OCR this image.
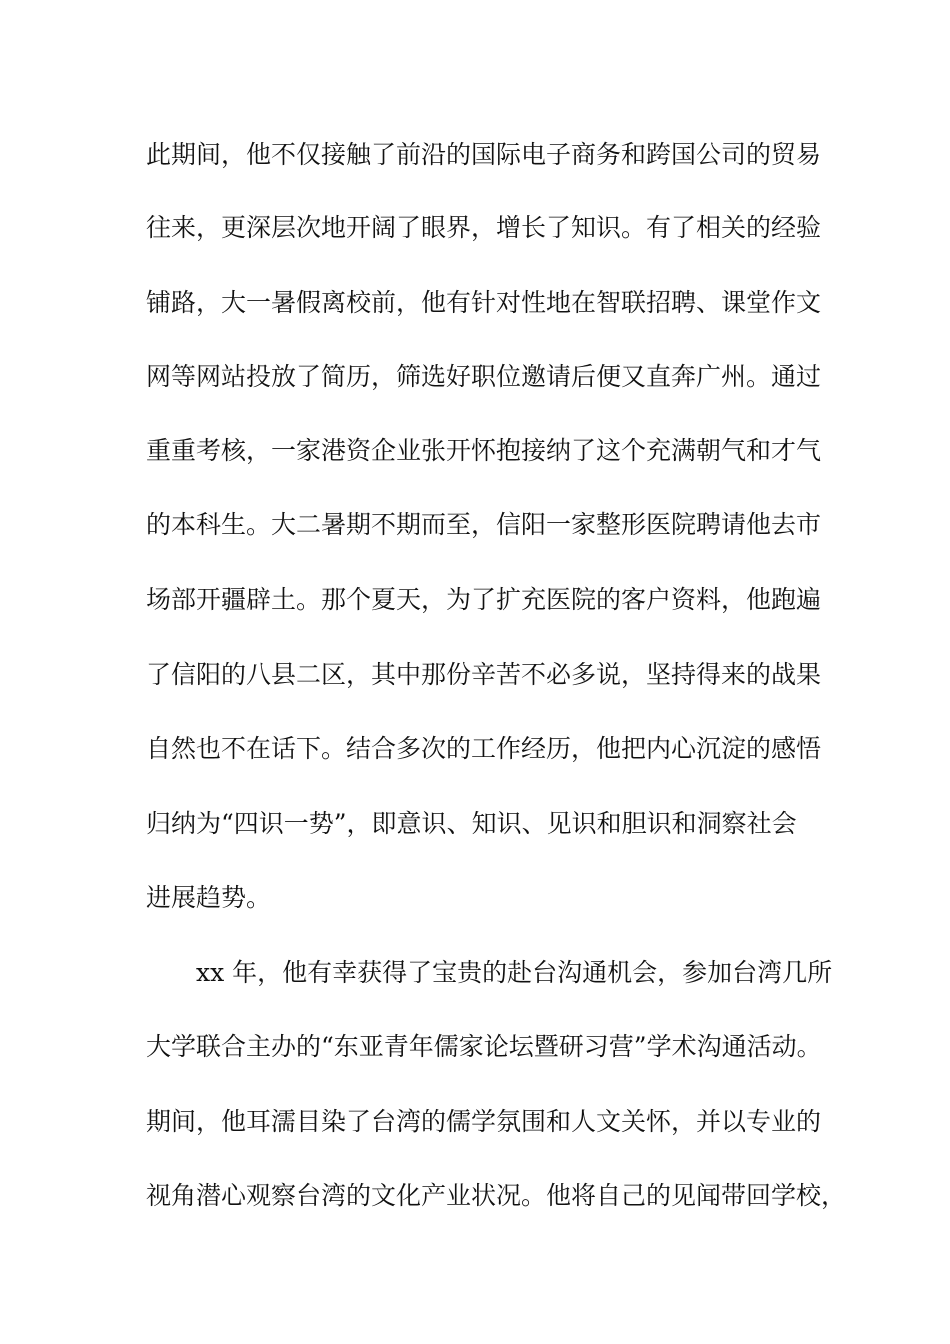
此期间，他不仅接触了前沿的国际电子商务和跨国公司的贸易
往来，更深层次地开阔了眼界，增长了知识。有了相关的经验
铺路，大一暑假离校前，他有针对性地在智联招聘、课堂作文
网等网站投放了简历，筛选好职位邀请后便又直奔广州。通过
重重考核，一家港资企业张开怀抱接纳了这个充满朝气和才气
的本科生。大二暑期不期而至，信阳一家整形医院聘请他去市
场部开疆辟土。那个夏天，为了扩充医院的客户资料，他跑遍
了信阳的八县二区，其中那份辛苦不必多说，坚持得来的战果
自然也不在话下。结合多次的工作经历，他把内心沉淀的感悟
归纳为“四识一势”，即意识、知识、见识和胆识和洞察社会
进展趋势。
xx 年，他有幸获得了宝贵的赴台沟通机会，参加台湾几所
大学联合主办的“东亚青年儒家论坛暨研习营”学术沟通活动。
期间，他耳濡目染了台湾的儒学氛围和人文关怀，并以专业的
视角潜心观察台湾的文化产业状况。他将自己的见闻带回学校，
